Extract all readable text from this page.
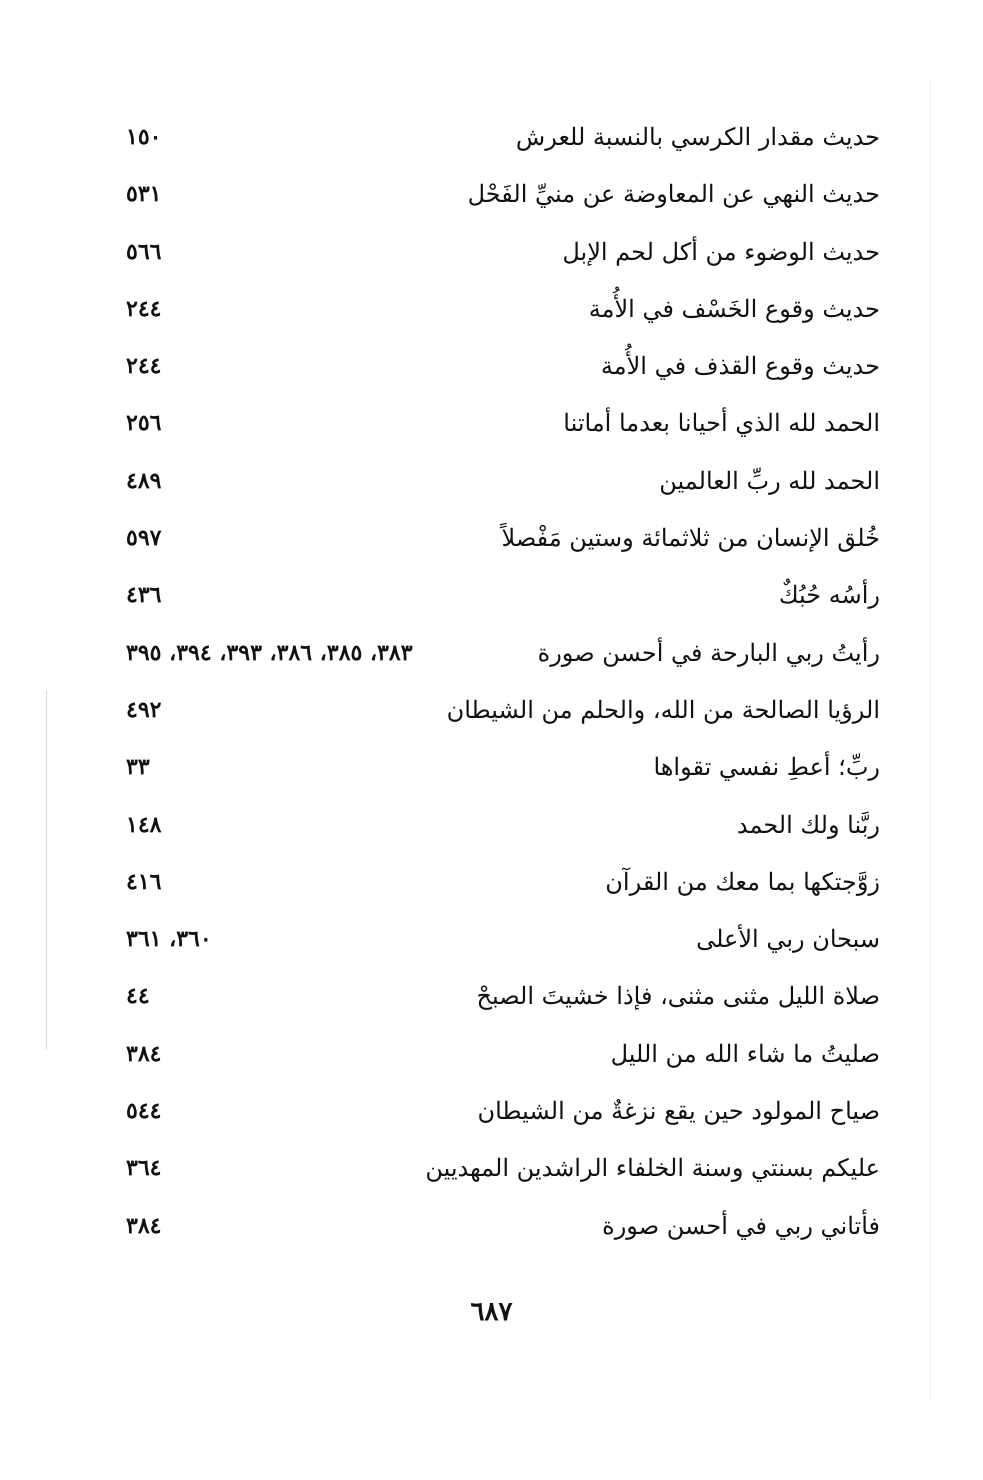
حديث مقدار الكرسي بالنسبة للعرش
١٥٠
حديث النهي عن المعاوضة عن منيِّ الفَحْل
٥٣١
حديث الوضوء من أكل لحم الإبل
٥٦٦
حديث وقوع الخَسْف في الأُمة
٢٤٤
حديث وقوع القذف في الأُمة
٢٤٤
الحمد لله الذي أحيانا بعدما أماتنا
٢٥٦
الحمد لله ربِّ العالمين
٤٨٩
خُلق الإنسان من ثلاثمائة وستين مَفْصلاً
٥٩٧
رأسُه حُبُكٌ
٤٣٦
رأيتُ ربي البارحة في أحسن صورة
٣٨٣، ٣٨٥، ٣٨٦، ٣٩٣، ٣٩٤، ٣٩٥
الرؤيا الصالحة من الله، والحلم من الشيطان
٤٩٢
ربِّ؛ أعطِ نفسي تقواها
٣٣
ربَّنا ولك الحمد
١٤٨
زوَّجتكها بما معك من القرآن
٤١٦
سبحان ربي الأعلى
٣٦٠، ٣٦١
صلاة الليل مثنى مثنى، فإذا خشيتَ الصبحْ
٤٤
صليتُ ما شاء الله من الليل
٣٨٤
صياح المولود حين يقع نزغةٌ من الشيطان
٥٤٤
عليكم بسنتي وسنة الخلفاء الراشدين المهديين
٣٦٤
فأتاني ربي في أحسن صورة
٣٨٤
٦٨٧
